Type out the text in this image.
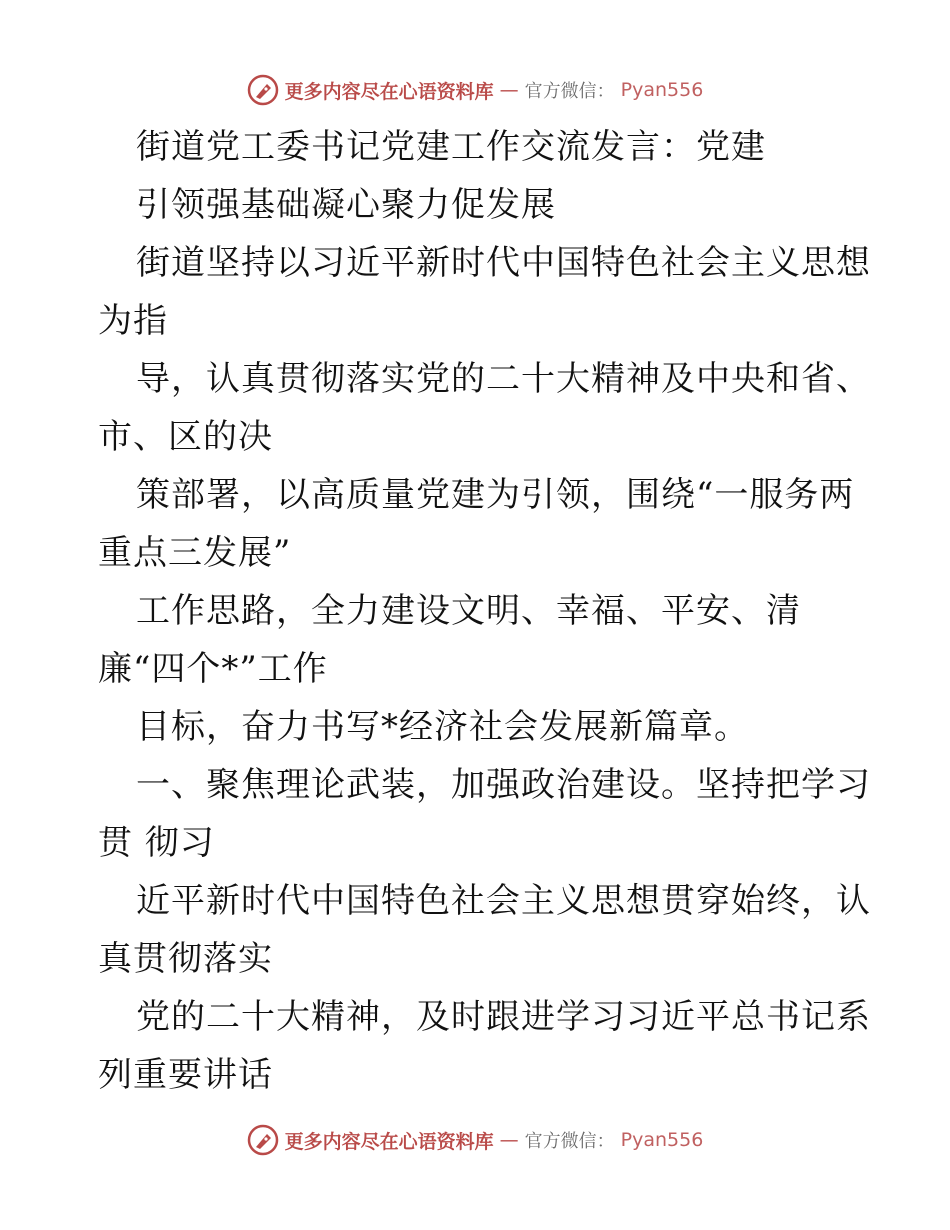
更多内容尽在心语资料库 — 官方微信： Pyan556
街道党工委书记党建工作交流发言：党建
引领强基础凝心聚力促发展
街道坚持以习近平新时代中国特色社会主义思想
为指
导，认真贯彻落实党的二十大精神及中央和省、
市、区的决
策部署，以高质量党建为引领，围绕“一服务两
重点三发展”
工作思路，全力建设文明、幸福、平安、清
廉“四个*”工作
目标，奋力书写*经济社会发展新篇章。
一、聚焦理论武装，加强政治建设。坚持把学习
贯 彻习
近平新时代中国特色社会主义思想贯穿始终，认
真贯彻落实
党的二十大精神，及时跟进学习习近平总书记系
列重要讲话
更多内容尽在心语资料库 — 官方微信： Pyan556
